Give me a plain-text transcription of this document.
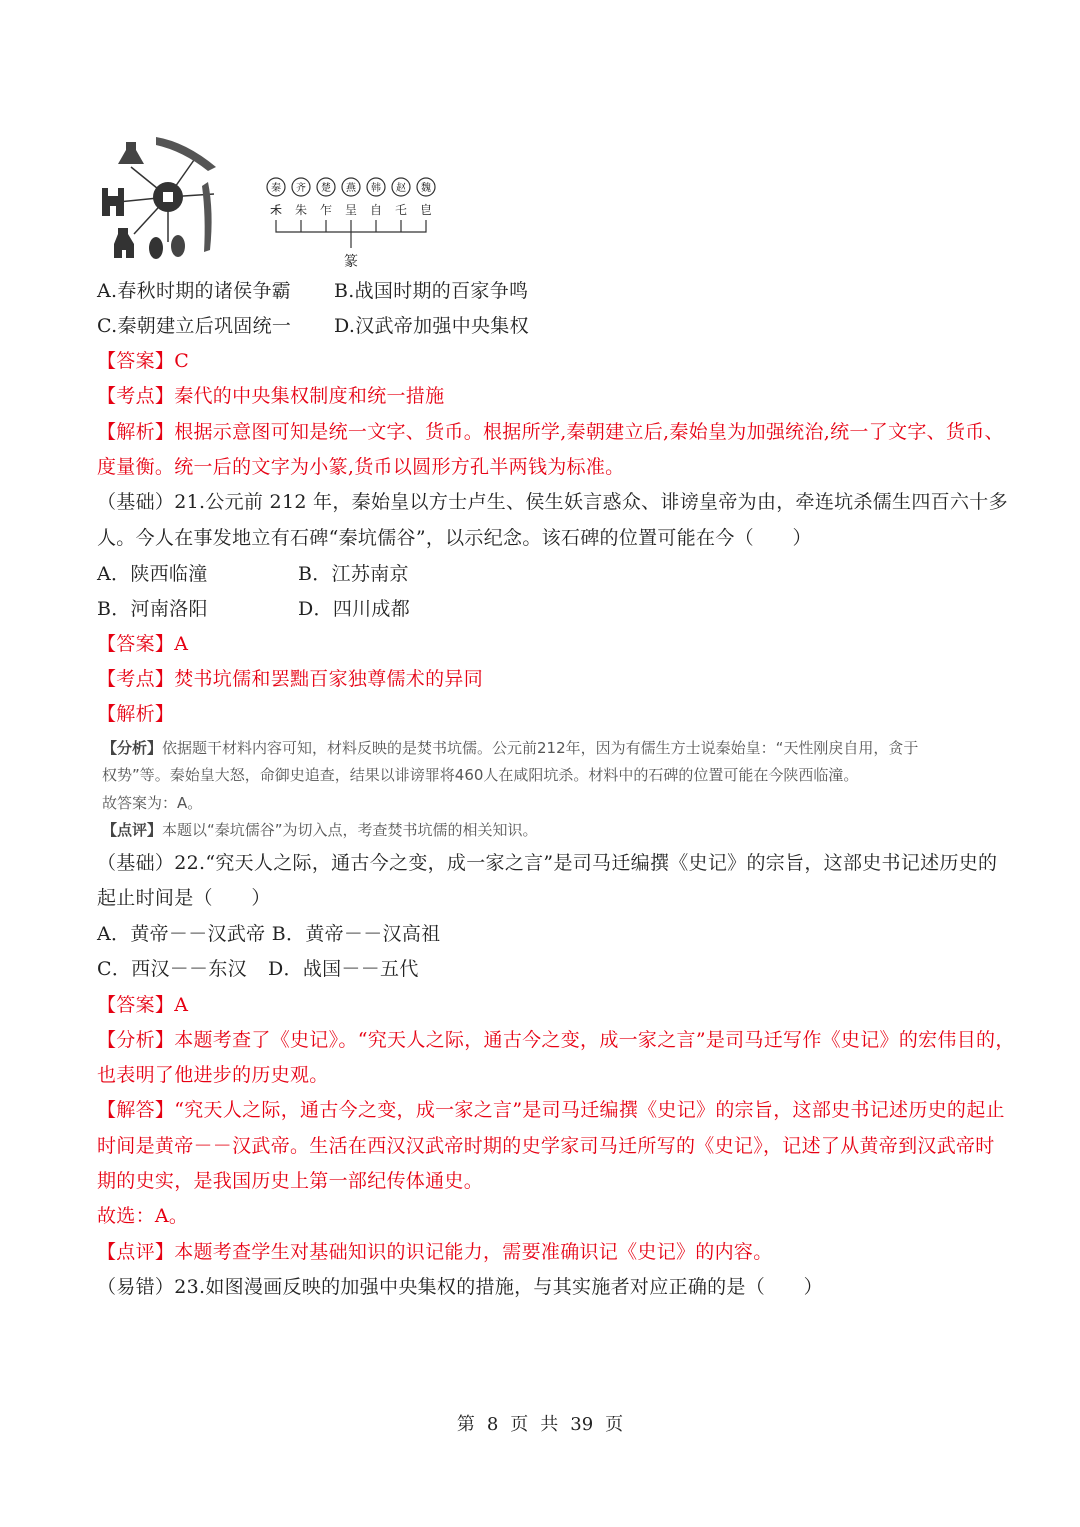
秦 齐 楚 燕 韩 赵 魏
𥝌 朱 乍 呈 自 乇 皀
篆
A.春秋时期的诸侯争霸 B.战国时期的百家争鸣
C.秦朝建立后巩固统一 D.汉武帝加强中央集权
【答案】C
【考点】秦代的中央集权制度和统一措施
【解析】根据示意图可知是统一文字、货币。根据所学,秦朝建立后,秦始皇为加强统治,统一了文字、货币、
度量衡。统一后的文字为小篆,货币以圆形方孔半两钱为标准。
（基础）21.公元前 212 年，秦始皇以方士卢生、侯生妖言惑众、诽谤皇帝为由，牵连坑杀儒生四百六十多
人。今人在事发地立有石碑“秦坑儒谷”，以示纪念。该石碑的位置可能在今（　　）
A．陕西临潼	B．江苏南京
B．河南洛阳	D．四川成都
【答案】A
【考点】焚书坑儒和罢黜百家独尊儒术的异同
【解析】
【分析】依据题干材料内容可知，材料反映的是焚书坑儒。公元前212年，因为有儒生方士说秦始皇：“天性刚戾自用，贪于
权势”等。秦始皇大怒，命御史追查，结果以诽谤罪将460人在咸阳坑杀。材料中的石碑的位置可能在今陕西临潼。
故答案为：A。
【点评】本题以“秦坑儒谷”为切入点，考查焚书坑儒的相关知识。
（基础）22.“究天人之际，通古今之变，成一家之言”是司马迁编撰《史记》的宗旨，这部史书记述历史的
起止时间是（　　）
A．黄帝－－汉武帝 B．黄帝－－汉高祖
C．西汉－－东汉 D．战国－－五代
【答案】A
【分析】本题考查了《史记》。“究天人之际，通古今之变，成一家之言”是司马迁写作《史记》的宏伟目的，
也表明了他进步的历史观。
【解答】“究天人之际，通古今之变，成一家之言”是司马迁编撰《史记》的宗旨，这部史书记述历史的起止
时间是黄帝－－汉武帝。生活在西汉汉武帝时期的史学家司马迁所写的《史记》，记述了从黄帝到汉武帝时
期的史实，是我国历史上第一部纪传体通史。
故选：A。
【点评】本题考查学生对基础知识的识记能力，需要准确识记《史记》的内容。
（易错）23.如图漫画反映的加强中央集权的措施，与其实施者对应正确的是（　　）
第 8 页 共 39 页
